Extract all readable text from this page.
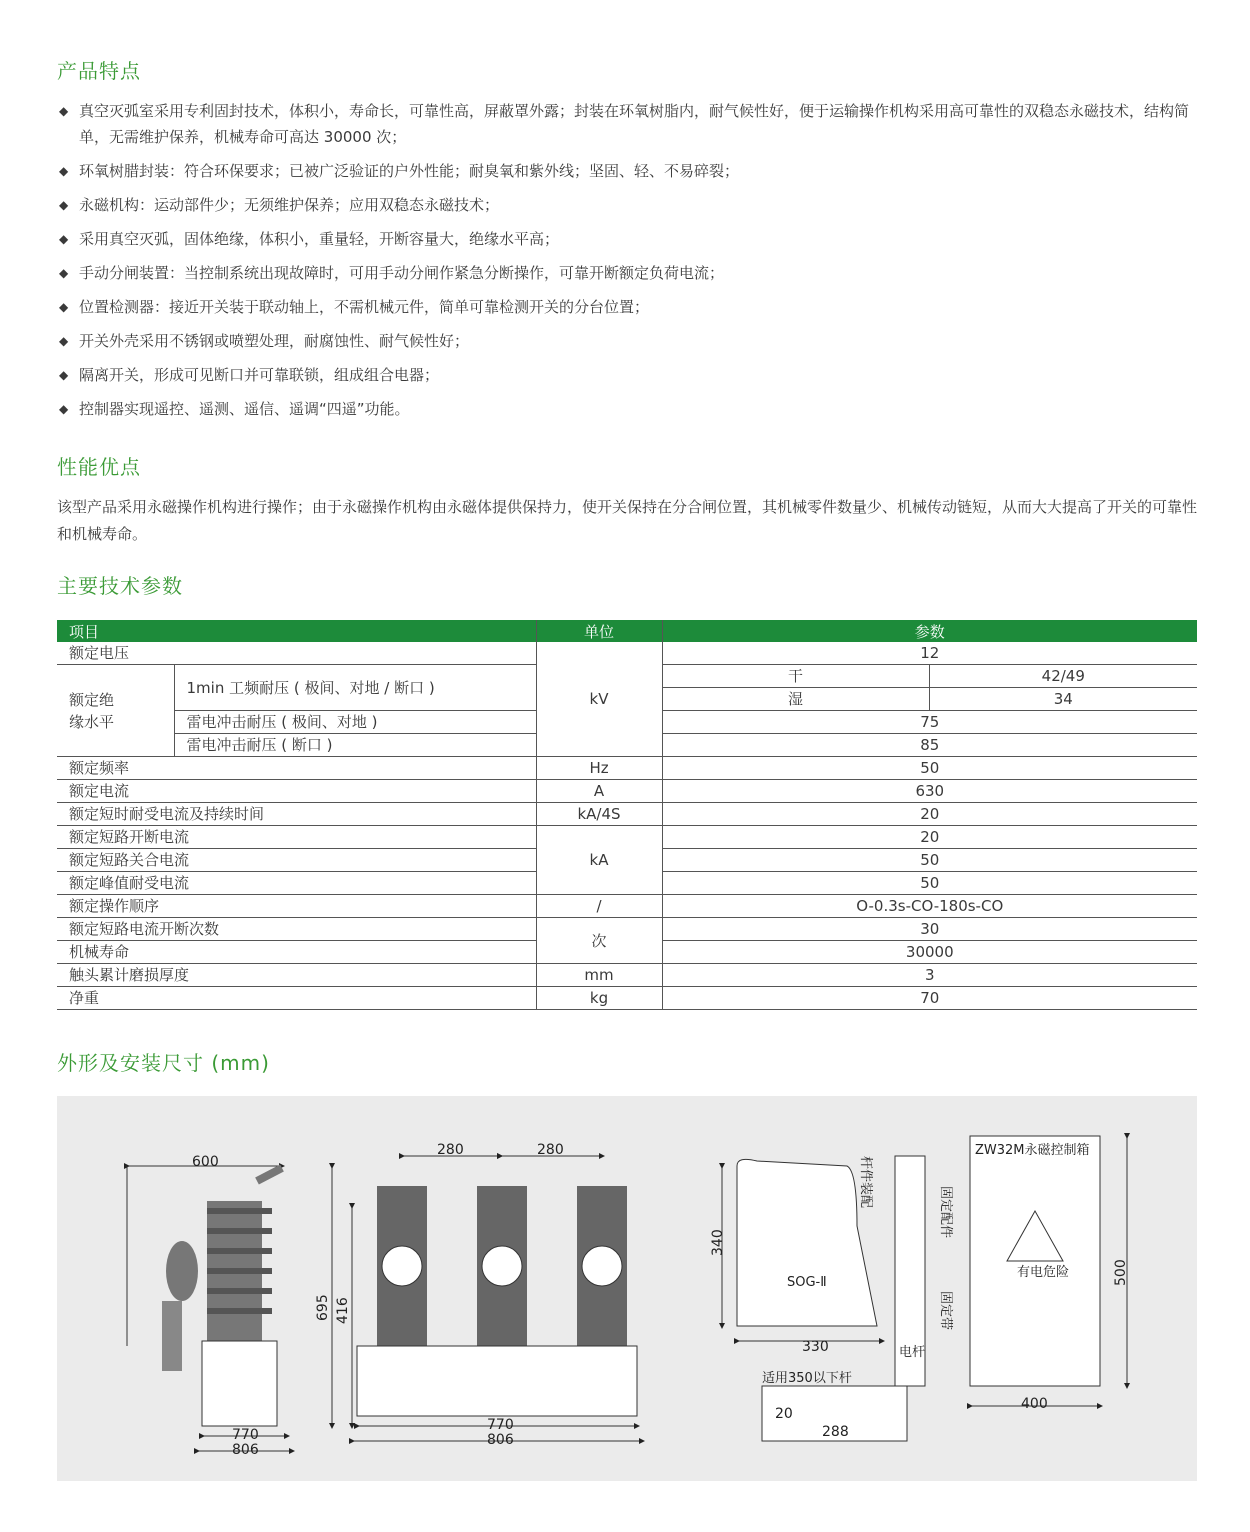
产品特点
◆ 真空灭弧室采用专利固封技术，体积小，寿命长，可靠性高，屏蔽罩外露；封装在环氧树脂内，耐气候性好，便于运输操作机构采用高可靠性的双稳态永磁技术，结构简单，无需维护保养，机械寿命可高达 30000 次；
◆ 环氧树腊封装：符合环保要求；已被广泛验证的户外性能；耐臭氧和紫外线；坚固、轻、不易碎裂；
◆ 永磁机构：运动部件少；无须维护保养；应用双稳态永磁技术；
◆ 采用真空灭弧，固体绝缘，体积小，重量轻，开断容量大，绝缘水平高；
◆ 手动分闸装置：当控制系统出现故障时，可用手动分闸作紧急分断操作，可靠开断额定负荷电流；
◆ 位置检测器：接近开关装于联动轴上，不需机械元件，简单可靠检测开关的分台位置；
◆ 开关外壳采用不锈钢或喷塑处理，耐腐蚀性、耐气候性好；
◆ 隔离开关，形成可见断口并可靠联锁，组成组合电器；
◆ 控制器实现遥控、遥测、遥信、遥调“四遥”功能。
性能优点

该型产品采用永磁操作机构进行操作；由于永磁操作机构由永磁体提供保持力，使开关保持在分合闸位置，其机械零件数量少、机械传动链短，从而大大提高了开关的可靠性和机械寿命。

主要技术参数
项目		单位	参数	
额定电压		kV	12	
额定绝
缘水平	1min 工频耐压 ( 极间、对地 / 断口 )		干	42/49
			湿	34
	雷电冲击耐压 ( 极间、对地 )		75	
	雷电冲击耐压 ( 断口 )		85	
额定频率		Hz	50	
额定电流		A	630	
额定短时耐受电流及持续时间		kA/4S	20	
额定短路开断电流		kA	20	
额定短路关合电流			50	
额定峰值耐受电流			50	
额定操作顺序		/	O-0.3s-CO-180s-CO	
额定短路电流开断次数		次	30	
机械寿命			30000	
触头累计磨损厚度		mm	3	
净重		kg	70	
外形及安装尺寸 (mm)
600
770
806
280	280
695 416
770
806
340
SOG-Ⅱ
330
杆件装配
固定配件
固定带
电杆
适用350以下杆
20
288
ZW32M永磁控制箱
有电危险	500
400
